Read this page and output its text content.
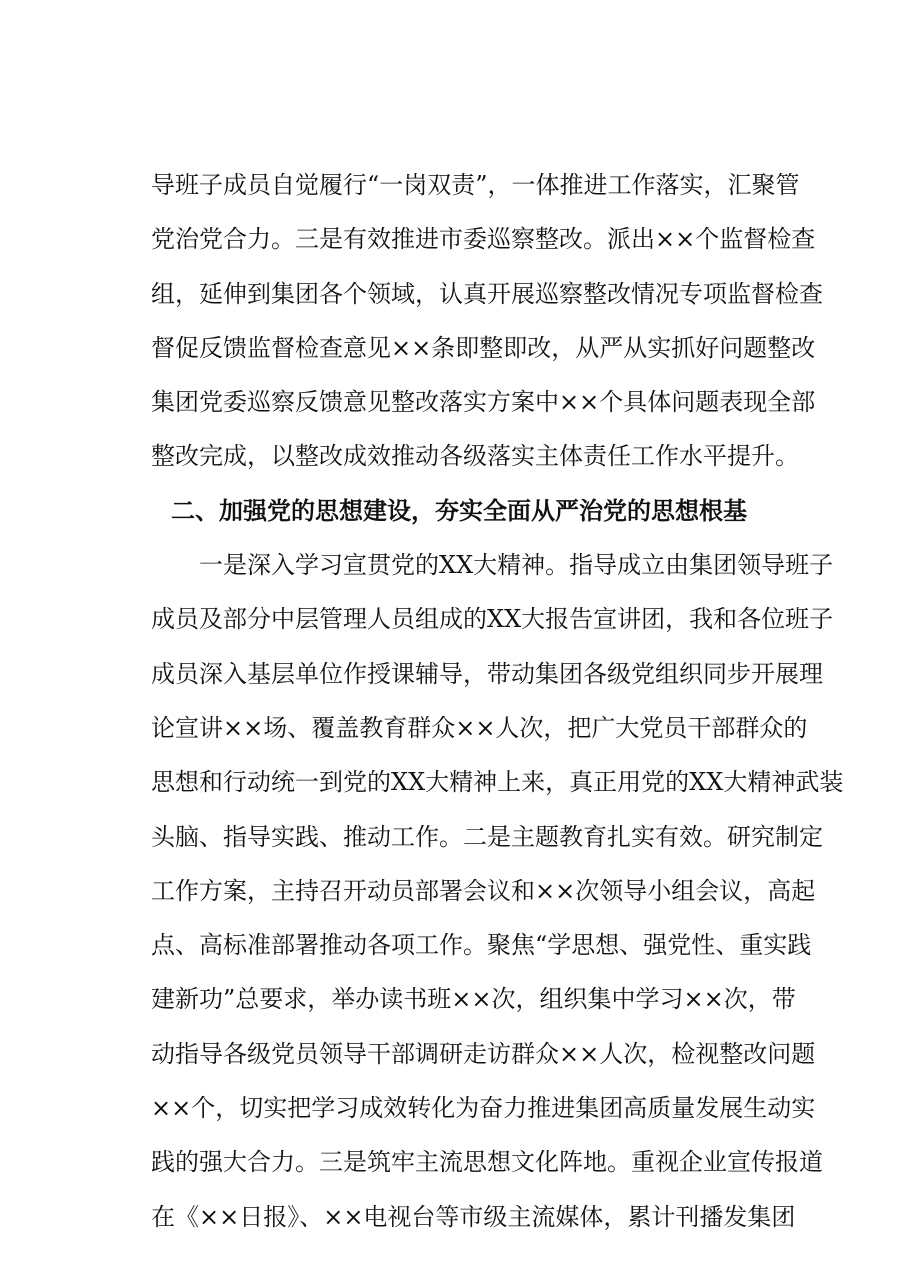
导班子成员自觉履行“一岗双责”，一体推进工作落实，汇聚管
党治党合力。三是有效推进市委巡察整改。派出××个监督检查
组，延伸到集团各个领域，认真开展巡察整改情况专项监督检查
督促反馈监督检查意见××条即整即改，从严从实抓好问题整改
集团党委巡察反馈意见整改落实方案中××个具体问题表现全部
整改完成，以整改成效推动各级落实主体责任工作水平提升。
二、加强党的思想建设，夯实全面从严治党的思想根基
一是深入学习宣贯党的XX大精神。指导成立由集团领导班子
成员及部分中层管理人员组成的XX大报告宣讲团，我和各位班子
成员深入基层单位作授课辅导，带动集团各级党组织同步开展理
论宣讲××场、覆盖教育群众××人次，把广大党员干部群众的
思想和行动统一到党的XX大精神上来，真正用党的XX大精神武装
头脑、指导实践、推动工作。二是主题教育扎实有效。研究制定
工作方案，主持召开动员部署会议和××次领导小组会议，高起
点、高标准部署推动各项工作。聚焦“学思想、强党性、重实践
建新功”总要求，举办读书班××次，组织集中学习××次，带
动指导各级党员领导干部调研走访群众××人次，检视整改问题
××个，切实把学习成效转化为奋力推进集团高质量发展生动实
践的强大合力。三是筑牢主流思想文化阵地。重视企业宣传报道
在《××日报》、××电视台等市级主流媒体，累计刊播发集团
